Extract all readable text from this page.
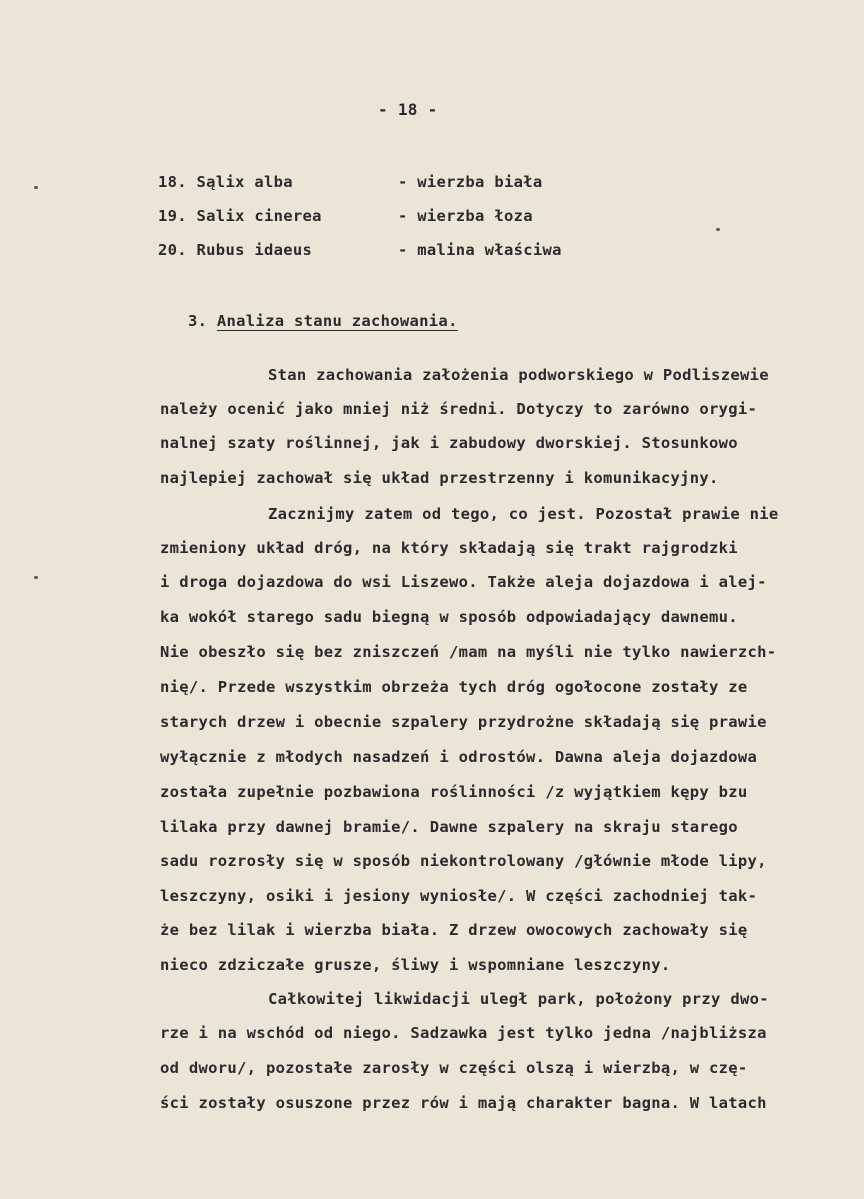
- 18 -
18. Sąlix alba	- wierzba biała
19. Salix cinerea	- wierzba łoza
20. Rubus idaeus	- malina właściwa
3. Analiza stanu zachowania.
Stan zachowania założenia podworskiego w Podliszewie
należy ocenić jako mniej niż średni. Dotyczy to zarówno orygi-
nalnej szaty roślinnej, jak i zabudowy dworskiej. Stosunkowo
najlepiej zachował się układ przestrzenny i komunikacyjny.
Zacznijmy zatem od tego, co jest. Pozostał prawie nie
zmieniony układ dróg, na który składają się trakt rajgrodzki
i droga dojazdowa do wsi Liszewo. Także aleja dojazdowa i alej-
ka wokół starego sadu biegną w sposób odpowiadający dawnemu.
Nie obeszło się bez zniszczeń /mam na myśli nie tylko nawierzch-
nię/. Przede wszystkim obrzeża tych dróg ogołocone zostały ze
starych drzew i obecnie szpalery przydrożne składają się prawie
wyłącznie z młodych nasadzeń i odrostów. Dawna aleja dojazdowa
została zupełnie pozbawiona roślinności /z wyjątkiem kępy bzu
lilaka przy dawnej bramie/. Dawne szpalery na skraju starego
sadu rozrosły się w sposób niekontrolowany /głównie młode lipy,
leszczyny, osiki i jesiony wyniosłe/. W części zachodniej tak-
że bez lilak i wierzba biała. Z drzew owocowych zachowały się
nieco zdziczałe grusze, śliwy i wspomniane leszczyny.
Całkowitej likwidacji uległ park, położony przy dwo-
rze i na wschód od niego. Sadzawka jest tylko jedna /najbliższa
od dworu/, pozostałe zarosły w części olszą i wierzbą, w czę-
ści zostały osuszone przez rów i mają charakter bagna. W latach
